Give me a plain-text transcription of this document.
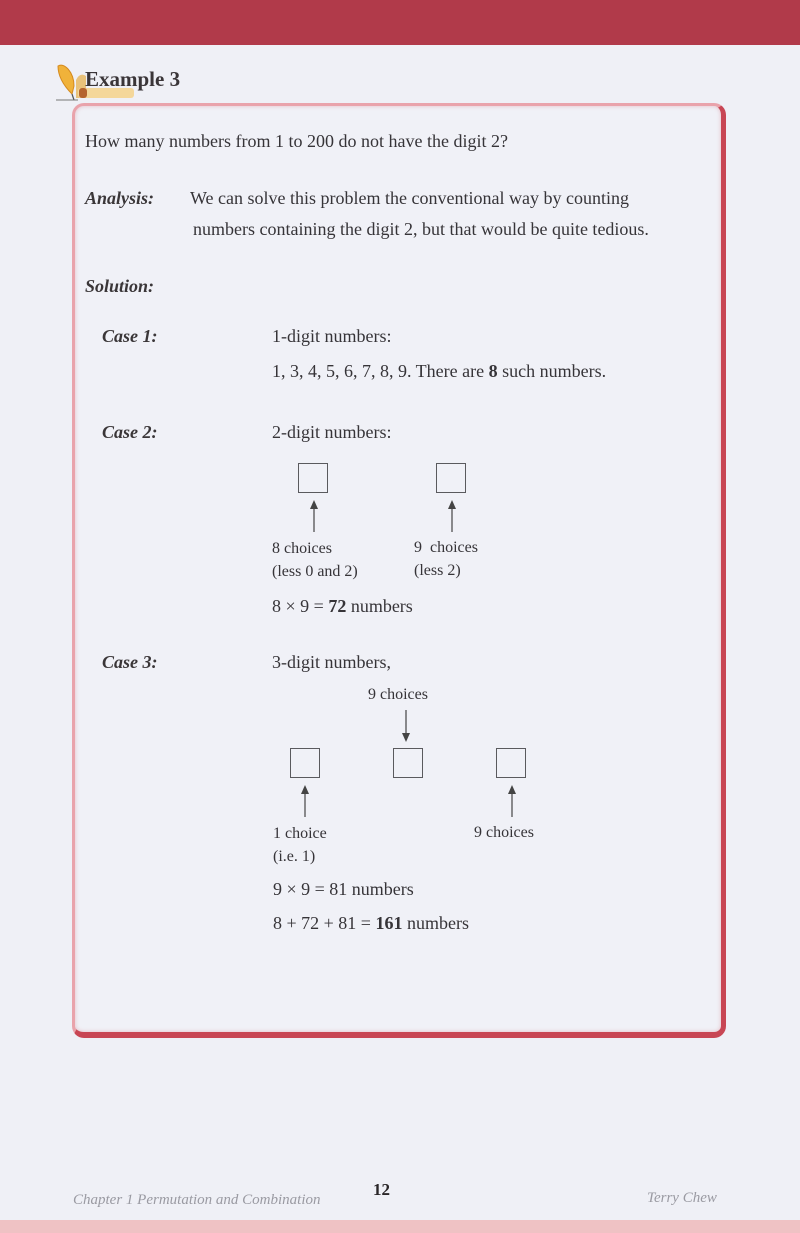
Example 3
How many numbers from 1 to 200 do not have the digit 2?
Analysis: We can solve this problem the conventional way by counting
numbers containing the digit 2, but that would be quite tedious.
Solution:
Case 1:	1-digit numbers:
1, 3, 4, 5, 6, 7, 8, 9. There are 8 such numbers.
Case 2:	2-digit numbers:
8 choices
(less 0 and 2)
9  choices
(less 2)
8 × 9 = 72 numbers
Case 3:	3-digit numbers,
9 choices
1 choice
(i.e. 1)
9 choices
9 × 9 = 81 numbers
8 + 72 + 81 = 161 numbers
Chapter 1 Permutation and Combination
12	Terry Chew
